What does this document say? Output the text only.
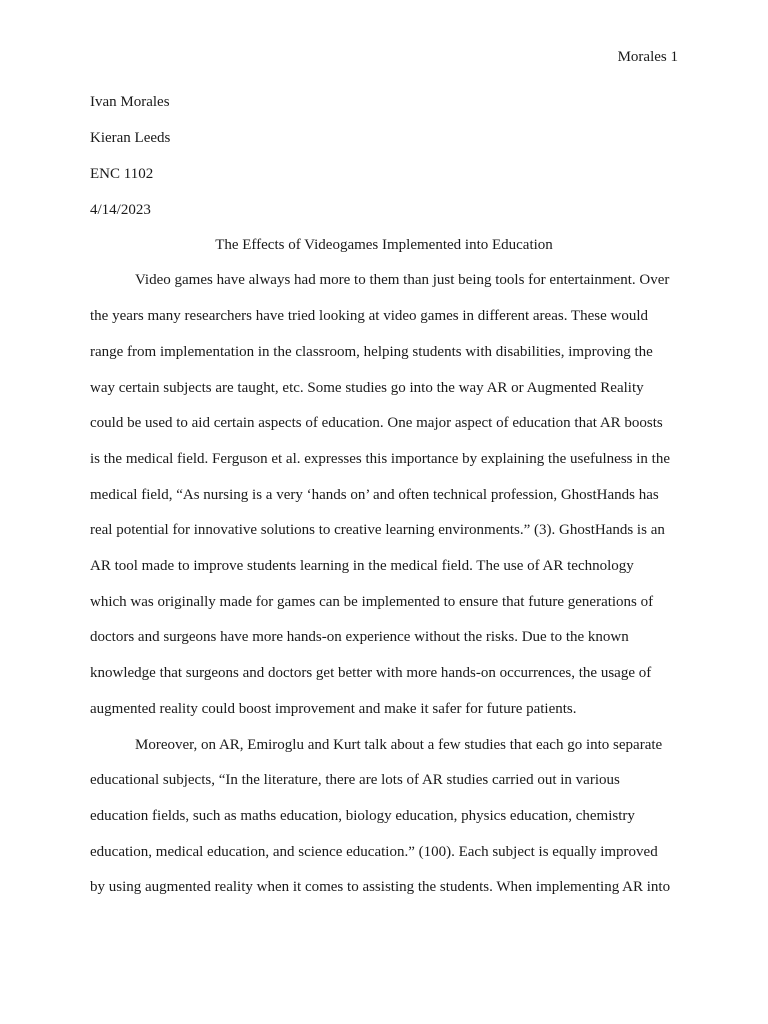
Morales 1
Ivan Morales
Kieran Leeds
ENC 1102
4/14/2023
The Effects of Videogames Implemented into Education
Video games have always had more to them than just being tools for entertainment. Over
the years many researchers have tried looking at video games in different areas. These would
range from implementation in the classroom, helping students with disabilities, improving the
way certain subjects are taught, etc. Some studies go into the way AR or Augmented Reality
could be used to aid certain aspects of education. One major aspect of education that AR boosts
is the medical field. Ferguson et al. expresses this importance by explaining the usefulness in the
medical field, “As nursing is a very ‘hands on’ and often technical profession, GhostHands has
real potential for innovative solutions to creative learning environments.” (3). GhostHands is an
AR tool made to improve students learning in the medical field. The use of AR technology
which was originally made for games can be implemented to ensure that future generations of
doctors and surgeons have more hands-on experience without the risks. Due to the known
knowledge that surgeons and doctors get better with more hands-on occurrences, the usage of
augmented reality could boost improvement and make it safer for future patients.
Moreover, on AR, Emiroglu and Kurt talk about a few studies that each go into separate
educational subjects, “In the literature, there are lots of AR studies carried out in various
education fields, such as maths education, biology education, physics education, chemistry
education, medical education, and science education.” (100). Each subject is equally improved
by using augmented reality when it comes to assisting the students. When implementing AR into
